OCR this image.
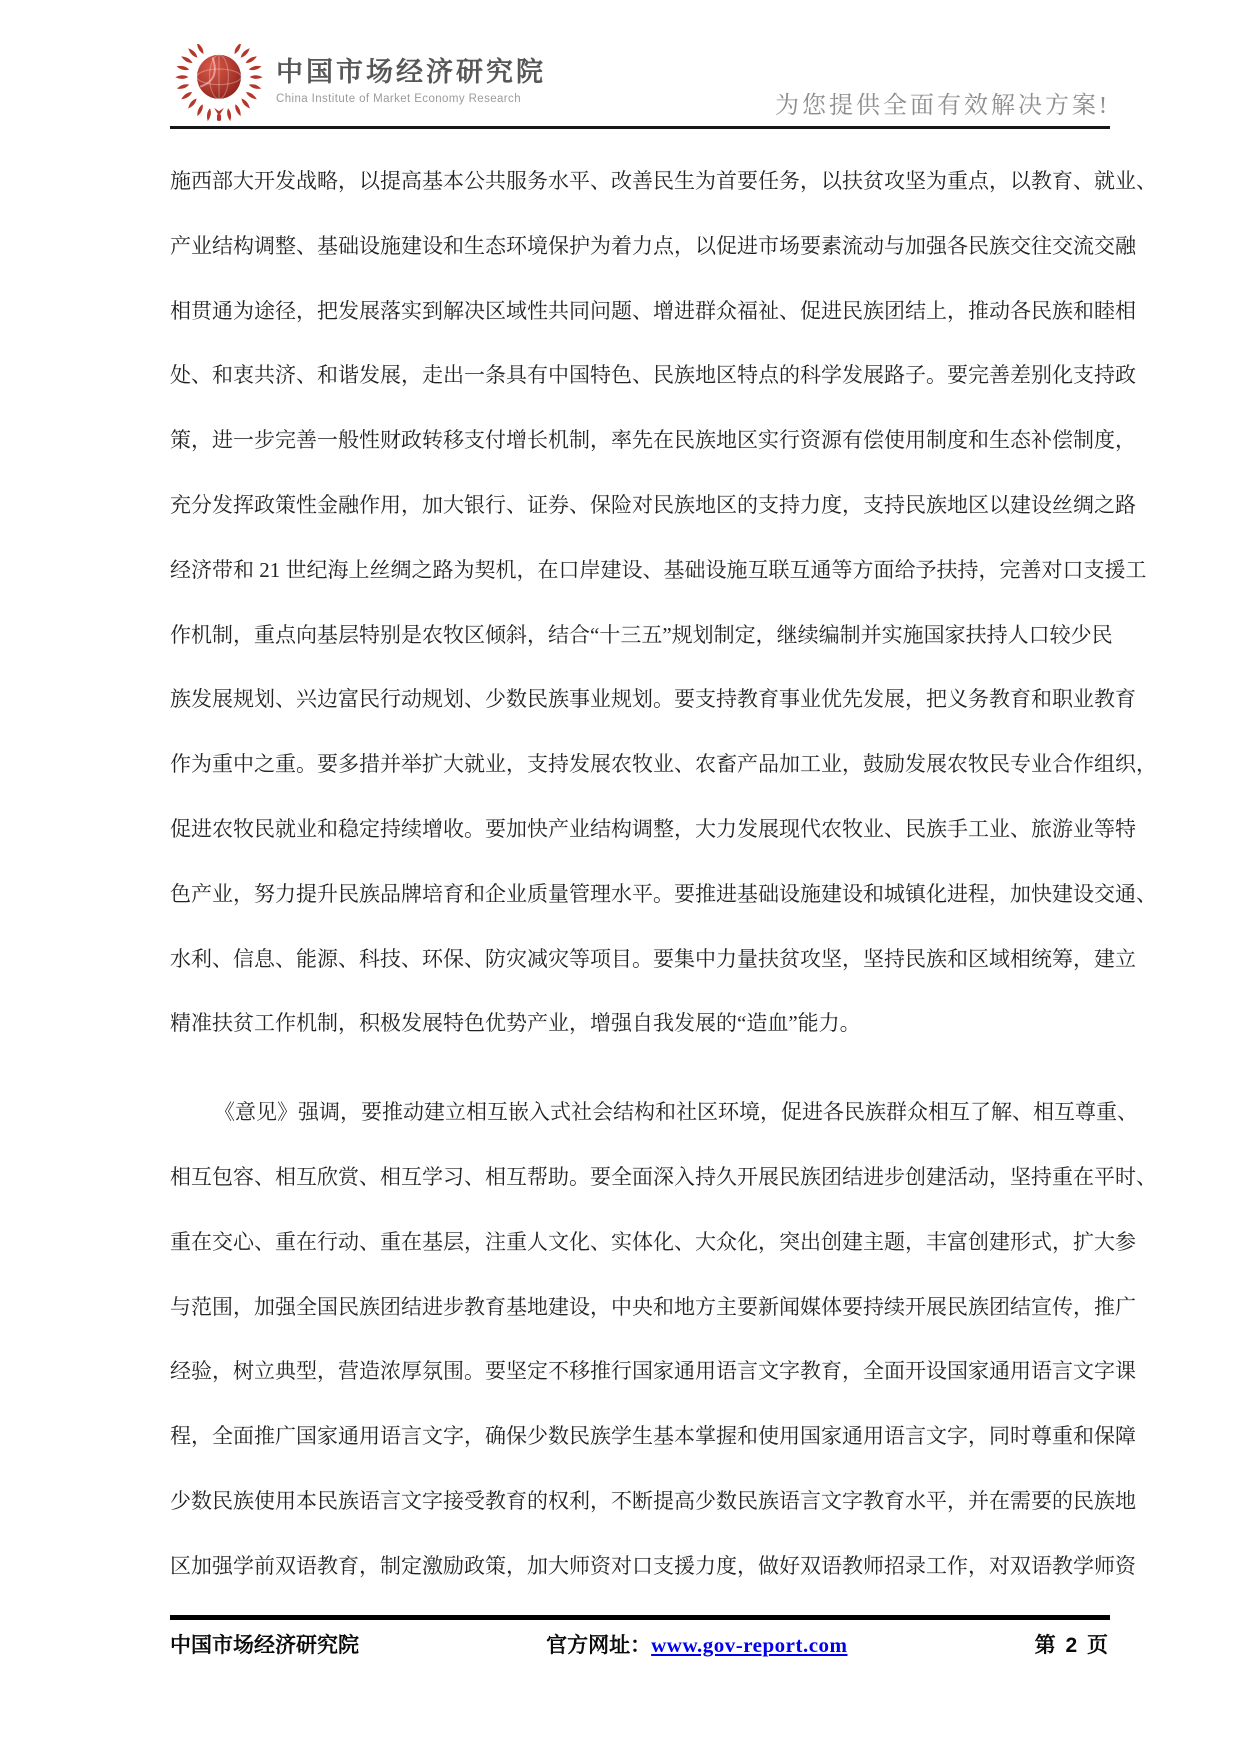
中国市场经济研究院
China Institute of Market Economy Research	为您提供全面有效解决方案!
施西部大开发战略，以提高基本公共服务水平、改善民生为首要任务，以扶贫攻坚为重点，以教育、就业、
产业结构调整、基础设施建设和生态环境保护为着力点，以促进市场要素流动与加强各民族交往交流交融
相贯通为途径，把发展落实到解决区域性共同问题、增进群众福祉、促进民族团结上，推动各民族和睦相
处、和衷共济、和谐发展，走出一条具有中国特色、民族地区特点的科学发展路子。要完善差别化支持政
策，进一步完善一般性财政转移支付增长机制，率先在民族地区实行资源有偿使用制度和生态补偿制度，
充分发挥政策性金融作用，加大银行、证券、保险对民族地区的支持力度，支持民族地区以建设丝绸之路
经济带和 21 世纪海上丝绸之路为契机，在口岸建设、基础设施互联互通等方面给予扶持，完善对口支援工
作机制，重点向基层特别是农牧区倾斜，结合“十三五”规划制定，继续编制并实施国家扶持人口较少民
族发展规划、兴边富民行动规划、少数民族事业规划。要支持教育事业优先发展，把义务教育和职业教育
作为重中之重。要多措并举扩大就业，支持发展农牧业、农畜产品加工业，鼓励发展农牧民专业合作组织，
促进农牧民就业和稳定持续增收。要加快产业结构调整，大力发展现代农牧业、民族手工业、旅游业等特
色产业，努力提升民族品牌培育和企业质量管理水平。要推进基础设施建设和城镇化进程，加快建设交通、
水利、信息、能源、科技、环保、防灾减灾等项目。要集中力量扶贫攻坚，坚持民族和区域相统筹，建立
精准扶贫工作机制，积极发展特色优势产业，增强自我发展的“造血”能力。
《意见》强调，要推动建立相互嵌入式社会结构和社区环境，促进各民族群众相互了解、相互尊重、
相互包容、相互欣赏、相互学习、相互帮助。要全面深入持久开展民族团结进步创建活动，坚持重在平时、
重在交心、重在行动、重在基层，注重人文化、实体化、大众化，突出创建主题，丰富创建形式，扩大参
与范围，加强全国民族团结进步教育基地建设，中央和地方主要新闻媒体要持续开展民族团结宣传，推广
经验，树立典型，营造浓厚氛围。要坚定不移推行国家通用语言文字教育，全面开设国家通用语言文字课
程，全面推广国家通用语言文字，确保少数民族学生基本掌握和使用国家通用语言文字，同时尊重和保障
少数民族使用本民族语言文字接受教育的权利，不断提高少数民族语言文字教育水平，并在需要的民族地
区加强学前双语教育，制定激励政策，加大师资对口支援力度，做好双语教师招录工作，对双语教学师资
中国市场经济研究院	官方网址：www.gov-report.com	第 2 页
